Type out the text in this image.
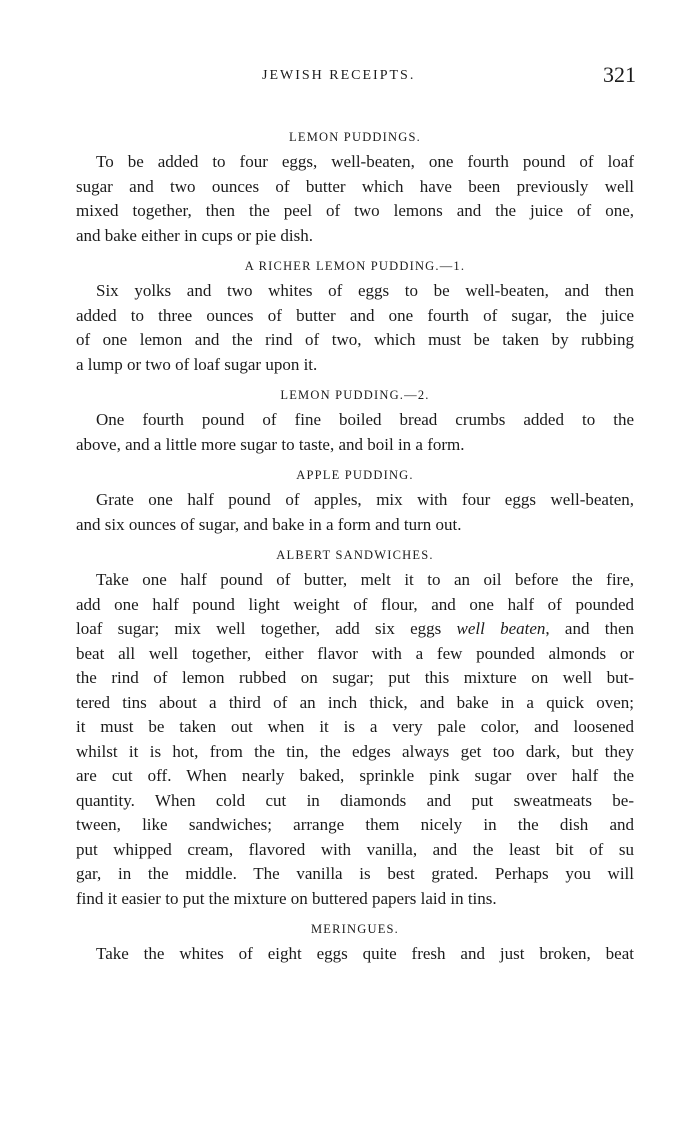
JEWISH RECEIPTS.	321
LEMON PUDDINGS.
To be added to four eggs, well-beaten, one fourth pound of loaf
sugar and two ounces of butter which have been previously well
mixed together, then the peel of two lemons and the juice of one,
and bake either in cups or pie dish.
A RICHER LEMON PUDDING.—1.
Six yolks and two whites of eggs to be well-beaten, and then
added to three ounces of butter and one fourth of sugar, the juice
of one lemon and the rind of two, which must be taken by rubbing
a lump or two of loaf sugar upon it.
LEMON PUDDING.—2.
One fourth pound of fine boiled bread crumbs added to the
above, and a little more sugar to taste, and boil in a form.
APPLE PUDDING.
Grate one half pound of apples, mix with four eggs well-beaten,
and six ounces of sugar, and bake in a form and turn out.
ALBERT SANDWICHES.
Take one half pound of butter, melt it to an oil before the fire,
add one half pound light weight of flour, and one half of pounded
loaf sugar; mix well together, add six eggs well beaten, and then
beat all well together, either flavor with a few pounded almonds or
the rind of lemon rubbed on sugar; put this mixture on well but-
tered tins about a third of an inch thick, and bake in a quick oven;
it must be taken out when it is a very pale color, and loosened
whilst it is hot, from the tin, the edges always get too dark, but they
are cut off. When nearly baked, sprinkle pink sugar over half the
quantity. When cold cut in diamonds and put sweatmeats be-
tween, like sandwiches; arrange them nicely in the dish and
put whipped cream, flavored with vanilla, and the least bit of su
gar, in the middle. The vanilla is best grated. Perhaps you will
find it easier to put the mixture on buttered papers laid in tins.
MERINGUES.
Take the whites of eight eggs quite fresh and just broken, beat
